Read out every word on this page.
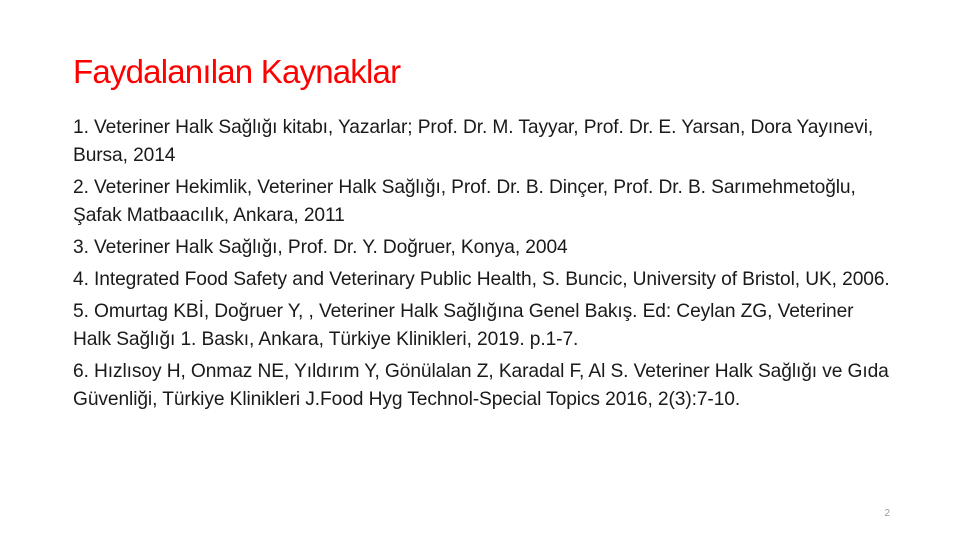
Faydalanılan Kaynaklar
1. Veteriner Halk Sağlığı kitabı, Yazarlar; Prof. Dr. M. Tayyar, Prof. Dr. E. Yarsan, Dora Yayınevi, Bursa, 2014
2. Veteriner Hekimlik, Veteriner Halk Sağlığı, Prof. Dr. B. Dinçer, Prof. Dr. B. Sarımehmetoğlu, Şafak Matbaacılık, Ankara, 2011
3. Veteriner Halk Sağlığı, Prof. Dr. Y. Doğruer, Konya, 2004
4. Integrated Food Safety and Veterinary Public Health, S. Buncic, University of Bristol, UK, 2006.
5. Omurtag KBİ, Doğruer Y, , Veteriner Halk Sağlığına Genel Bakış. Ed: Ceylan ZG, Veteriner Halk Sağlığı 1. Baskı, Ankara, Türkiye Klinikleri, 2019. p.1-7.
6. Hızlısoy H, Onmaz NE, Yıldırım Y, Gönülalan Z, Karadal F, Al S. Veteriner Halk Sağlığı ve Gıda Güvenliği, Türkiye Klinikleri J.Food Hyg Technol-Special Topics 2016, 2(3):7-10.
2
